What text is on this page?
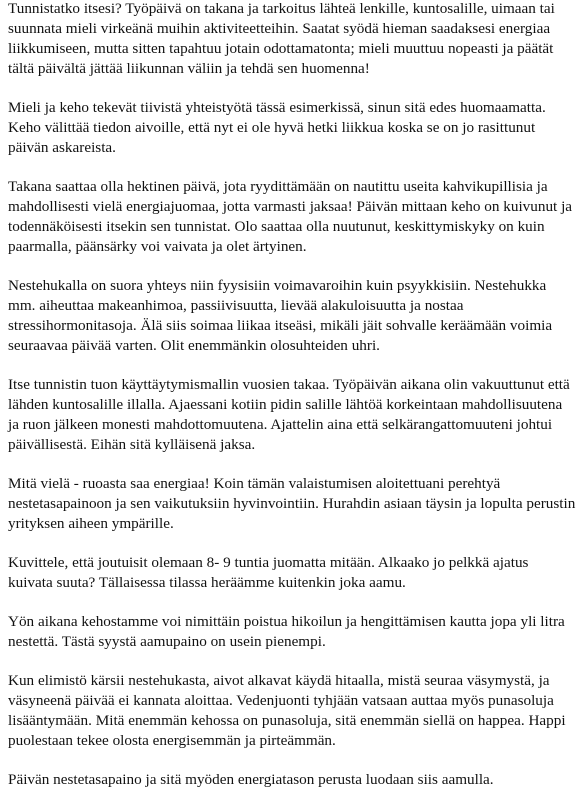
Tunnistatko itsesi? Työpäivä on takana ja tarkoitus lähteä lenkille, kuntosalille, uimaan tai suunnata mieli virkeänä muihin aktiviteetteihin. Saatat syödä hieman saadaksesi energiaa liikkumiseen, mutta sitten tapahtuu jotain odottamatonta; mieli muuttuu nopeasti ja päätät tältä päivältä jättää liikunnan väliin ja tehdä sen huomenna!

Mieli ja keho tekevät tiivistä yhteistyötä tässä esimerkissä, sinun sitä edes huomaamatta. Keho välittää tiedon aivoille, että nyt ei ole hyvä hetki liikkua koska se on jo rasittunut päivän askareista.

Takana saattaa olla hektinen päivä, jota ryydittämään on nautittu useita kahvikupillisia ja mahdollisesti vielä energiajuomaa, jotta varmasti jaksaa! Päivän mittaan keho on kuivunut ja todennäköisesti itsekin sen tunnistat. Olo saattaa olla nuutunut, keskittymiskyky on kuin paarmalla, päänsärky voi vaivata ja olet ärtyinen.

Nestehukalla on suora yhteys niin fyysisiin voimavaroihin kuin psyykkisiin. Nestehukka mm. aiheuttaa makeanhimoa, passiivisuutta, lievää alakuloisuutta ja nostaa stressihormonitasoja. Älä siis soimaa liikaa itseäsi, mikäli jäit sohvalle keräämään voimia seuraavaa päivää varten. Olit enemmänkin olosuhteiden uhri.

Itse tunnistin tuon käyttäytymismallin vuosien takaa. Työpäivän aikana olin vakuuttunut että lähden kuntosalille illalla. Ajaessani kotiin pidin salille lähtöä korkeintaan mahdollisuutena ja ruon jälkeen monesti mahdottomuutena. Ajattelin aina että selkärangattomuuteni johtui päivällisestä. Eihän sitä kylläisenä jaksa.

Mitä vielä - ruoasta saa energiaa! Koin tämän valaistumisen aloitettuani perehtyä nestetasapainoon ja sen vaikutuksiin hyvinvointiin. Hurahdin asiaan täysin ja lopulta perustin yrityksen aiheen ympärille.

Kuvittele, että joutuisit olemaan 8- 9 tuntia juomatta mitään. Alkaako jo pelkkä ajatus kuivata suuta? Tällaisessa tilassa heräämme kuitenkin joka aamu.

Yön aikana kehostamme voi nimittäin poistua hikoilun ja hengittämisen kautta jopa yli litra nestettä. Tästä syystä aamupaino on usein pienempi.

Kun elimistö kärsii nestehukasta, aivot alkavat käydä hitaalla, mistä seuraa väsymystä, ja väsyneenä päivää ei kannata aloittaa. Vedenjuonti tyhjään vatsaan auttaa myös punasoluja lisääntymään. Mitä enemmän kehossa on punasoluja, sitä enemmän siellä on happea. Happi puolestaan tekee olosta energisemmän ja pirteämmän.

Päivän nestetasapaino ja sitä myöden energiatason perusta luodaan siis aamulla.
